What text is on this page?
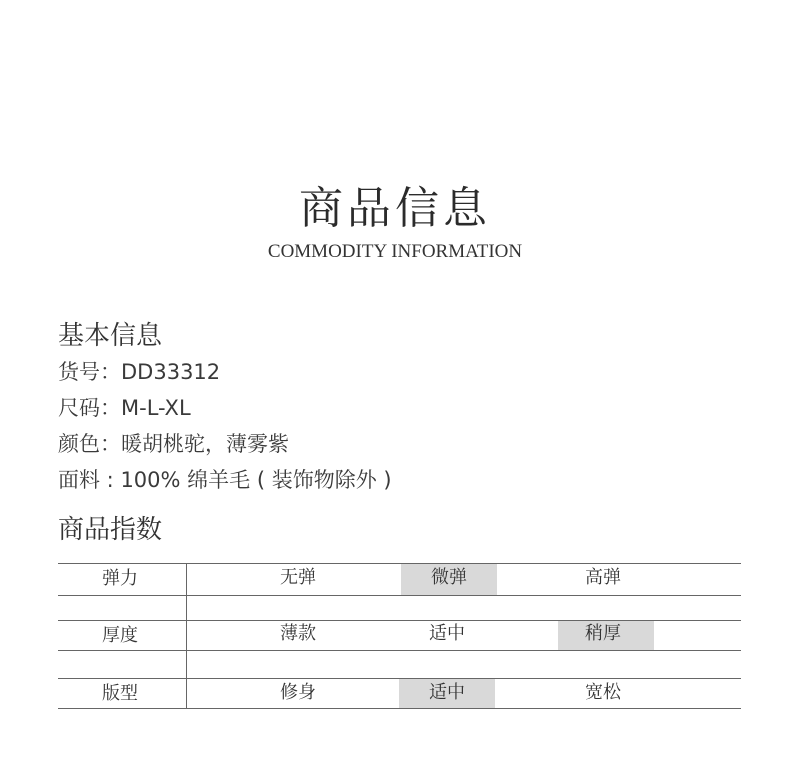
商品信息
COMMODITY INFORMATION
基本信息
货号：DD33312
尺码：M-L-XL
颜色：暖胡桃驼，薄雾紫
面料 : 100% 绵羊毛 ( 装饰物除外 )
商品指数
弹力	无弹	微弹	高弹
厚度	薄款	适中	稍厚
版型	修身	适中	宽松
